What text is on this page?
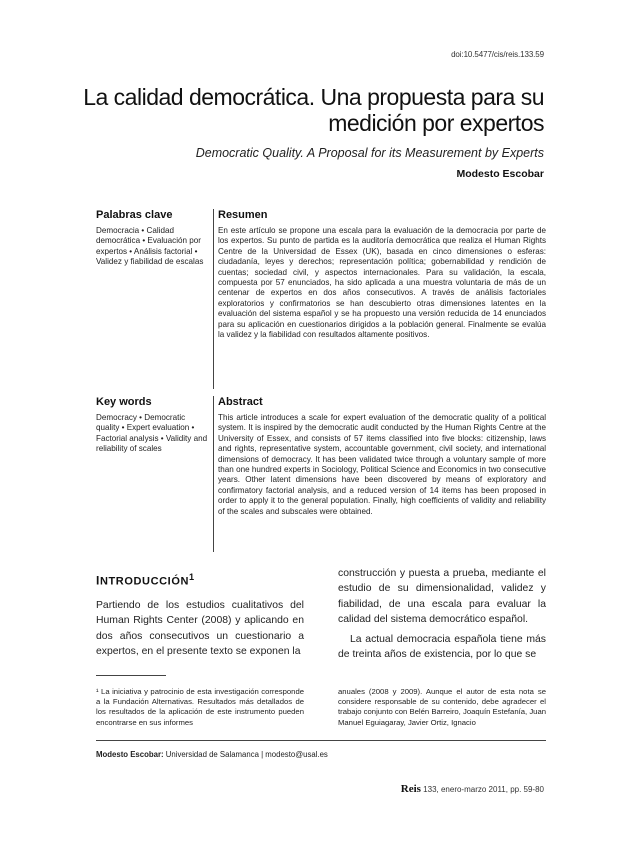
doi:10.5477/cis/reis.133.59
La calidad democrática. Una propuesta para su medición por expertos
Democratic Quality. A Proposal for its Measurement by Experts
Modesto Escobar

Palabras clave

Democracia • Calidad democrática • Evaluación por expertos • Análisis factorial • Validez y fiabilidad de escalas

Resumen

En este artículo se propone una escala para la evaluación de la democracia por parte de los expertos. Su punto de partida es la auditoría democrática que realiza el Human Rights Centre de la Universidad de Essex (UK), basada en cinco dimensiones o esferas: ciudadanía, leyes y derechos; representación política; gobernabilidad y rendición de cuentas; sociedad civil, y aspectos internacionales. Para su validación, la escala, compuesta por 57 enunciados, ha sido aplicada a una muestra voluntaria de más de un centenar de expertos en dos años consecutivos. A través de análisis factoriales exploratorios y confirmatorios se han descubierto otras dimensiones latentes en la evaluación del sistema español y se ha propuesto una versión reducida de 14 enunciados para su aplicación en cuestionarios dirigidos a la población general. Finalmente se evalúa la validez y la fiabilidad con resultados altamente positivos.

Key words

Democracy • Democratic quality • Expert evaluation • Factorial analysis • Validity and reliability of scales

Abstract

This article introduces a scale for expert evaluation of the democratic quality of a political system. It is inspired by the democratic audit conducted by the Human Rights Centre at the University of Essex, and consists of 57 items classified into five blocks: citizenship, laws and rights, representative system, accountable government, civil society, and international dimensions of democracy. It has been validated twice through a voluntary sample of more than one hundred experts in Sociology, Political Science and Economics in two consecutive years. Other latent dimensions have been discovered by means of exploratory and confirmatory factorial analysis, and a reduced version of 14 items has been proposed in order to apply it to the general population. Finally, high coefficients of validity and reliability of the scales and subscales were obtained.

INTRODUCCIÓN$^1$

Partiendo de los estudios cualitativos del Human Rights Center (2008) y aplicando en dos años consecutivos un cuestionario a expertos, en el presente texto se exponen la

construcción y puesta a prueba, mediante el estudio de su dimensionalidad, validez y fiabilidad, de una escala para evaluar la calidad del sistema democrático español.

La actual democracia española tiene más de treinta años de existencia, por lo que se

¹ La iniciativa y patrocinio de esta investigación corresponde a la Fundación Alternativas. Resultados más detallados de los resultados de la aplicación de este instrumento pueden encontrarse en sus informes
anuales (2008 y 2009). Aunque el autor de esta nota se considere responsable de su contenido, debe agradecer el trabajo conjunto con Belén Barreiro, Joaquín Estefanía, Juan Manuel Eguiagaray, Javier Ortiz, Ignacio
Modesto Escobar: Universidad de Salamanca | modesto@usal.es
Reis 133, enero-marzo 2011, pp. 59-80
